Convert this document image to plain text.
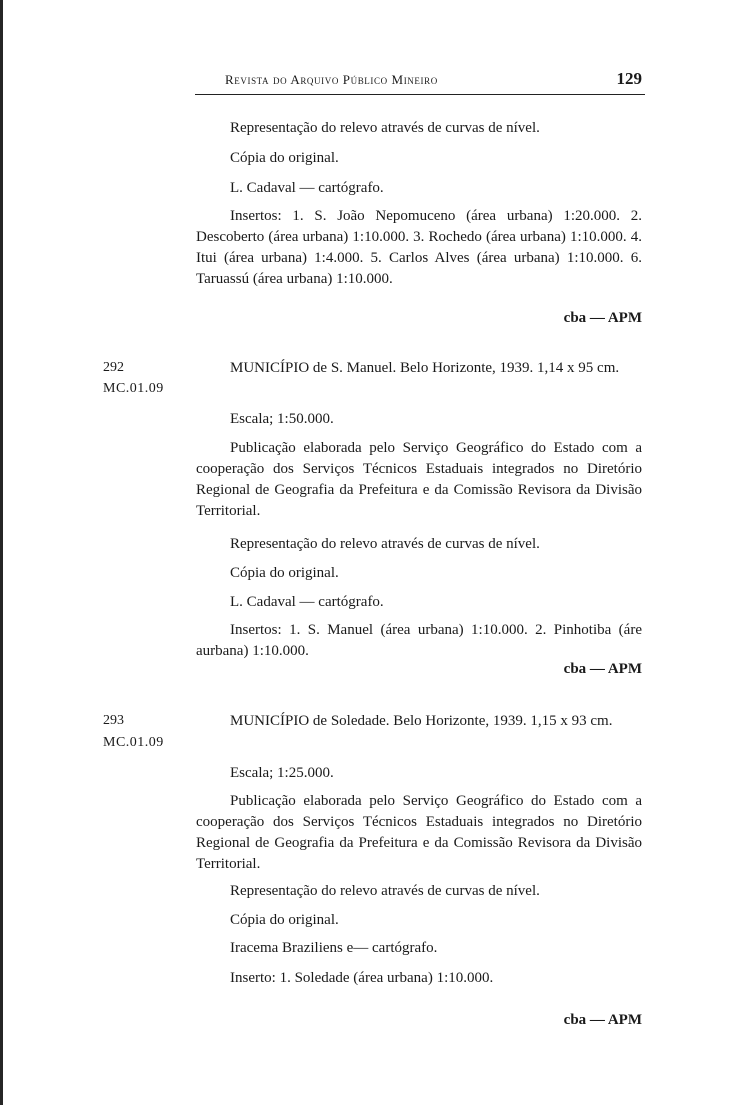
Revista do Arquivo Público Mineiro	129

Representação do relevo através de curvas de nível.

Cópia do original.

L. Cadaval — cartógrafo.

Insertos: 1. S. João Nepomuceno (área urbana) 1:20.000. 2. Descoberto (área urbana) 1:10.000. 3. Rochedo (área urbana) 1:10.000. 4. Itui (área urbana) 1:4.000. 5. Carlos Alves (área urbana) 1:10.000. 6. Taruassú (área urbana) 1:10.000.

cba — APM
292
MC.01.09

MUNICÍPIO de S. Manuel. Belo Horizonte, 1939. 1,14 x 95 cm.

Escala; 1:50.000.

Publicação elaborada pelo Serviço Geográfico do Estado com a cooperação dos Serviços Técnicos Estaduais integrados no Diretório Regional de Geografia da Prefeitura e da Comissão Revisora da Divisão Territorial.

Representação do relevo através de curvas de nível.

Cópia do original.

L. Cadaval — cartógrafo.

Insertos: 1. S. Manuel (área urbana) 1:10.000. 2. Pinhotiba (áre aurbana) 1:10.000.

cba — APM
293
MC.01.09

MUNICÍPIO de Soledade. Belo Horizonte, 1939. 1,15 x 93 cm.

Escala; 1:25.000.

Publicação elaborada pelo Serviço Geográfico do Estado com a cooperação dos Serviços Técnicos Estaduais integrados no Diretório Regional de Geografia da Prefeitura e da Comissão Revisora da Divisão Territorial.

Representação do relevo através de curvas de nível.

Cópia do original.

Iracema Braziliens e— cartógrafo.

Inserto: 1. Soledade (área urbana) 1:10.000.

cba — APM
